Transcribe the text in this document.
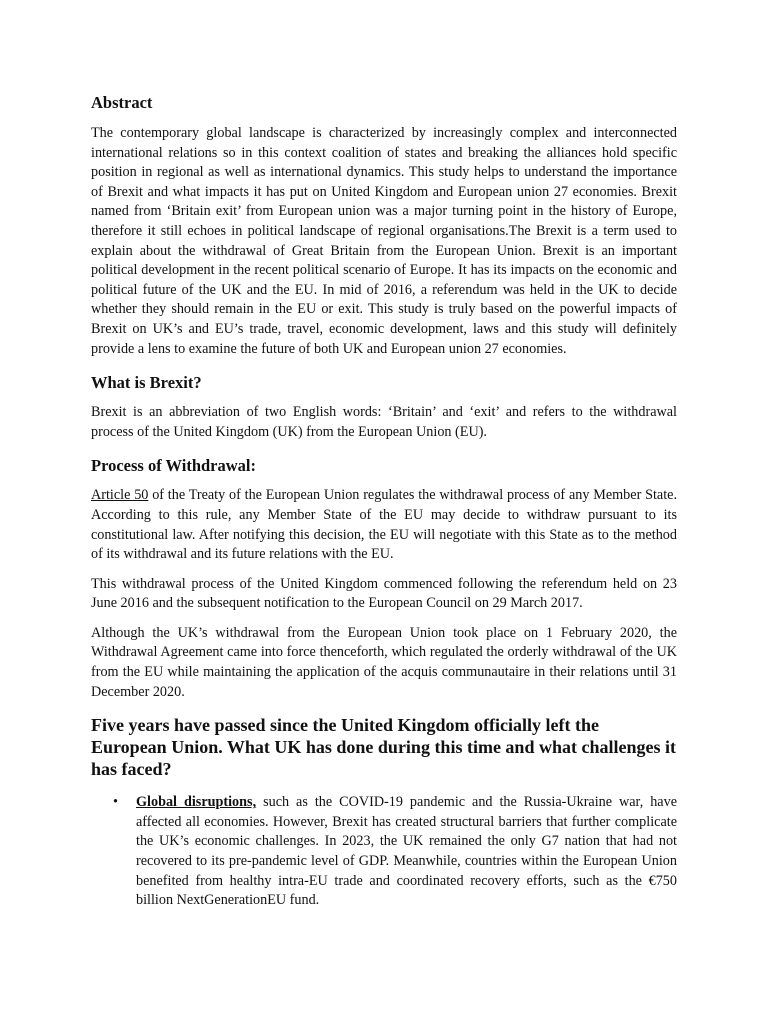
Abstract

The contemporary global landscape is characterized by increasingly complex and interconnected international relations so in this context coalition of states and breaking the alliances hold specific position in regional as well as international dynamics. This study helps to understand the importance of Brexit and what impacts it has put on United Kingdom and European union 27 economies. Brexit named from ‘Britain exit’ from European union was a major turning point in the history of Europe, therefore it still echoes in political landscape of regional organisations.The Brexit is a term used to explain about the withdrawal of Great Britain from the European Union. Brexit is an important political development in the recent political scenario of Europe. It has its impacts on the economic and political future of the UK and the EU. In mid of 2016, a referendum was held in the UK to decide whether they should remain in the EU or exit. This study is truly based on the powerful impacts of Brexit on UK’s and EU’s trade, travel, economic development, laws and this study will definitely provide a lens to examine the future of both UK and European union 27 economies.

What is Brexit?

Brexit is an abbreviation of two English words: ‘Britain’ and ‘exit’ and refers to the withdrawal process of the United Kingdom (UK) from the European Union (EU).

Process of Withdrawal:

Article 50 of the Treaty of the European Union regulates the withdrawal process of any Member State. According to this rule, any Member State of the EU may decide to withdraw pursuant to its constitutional law. After notifying this decision, the EU will negotiate with this State as to the method of its withdrawal and its future relations with the EU.

This withdrawal process of the United Kingdom commenced following the referendum held on 23 June 2016 and the subsequent notification to the European Council on 29 March 2017.

Although the UK’s withdrawal from the European Union took place on 1 February 2020, the Withdrawal Agreement came into force thenceforth, which regulated the orderly withdrawal of the UK from the EU while maintaining the application of the acquis communautaire in their relations until 31 December 2020.

Five years have passed since the United Kingdom officially left the European Union. What UK has done during this time and what challenges it has faced?
• Global disruptions, such as the COVID-19 pandemic and the Russia-Ukraine war, have affected all economies. However, Brexit has created structural barriers that further complicate the UK’s economic challenges. In 2023, the UK remained the only G7 nation that had not recovered to its pre-pandemic level of GDP. Meanwhile, countries within the European Union benefited from healthy intra-EU trade and coordinated recovery efforts, such as the €750 billion NextGenerationEU fund.
